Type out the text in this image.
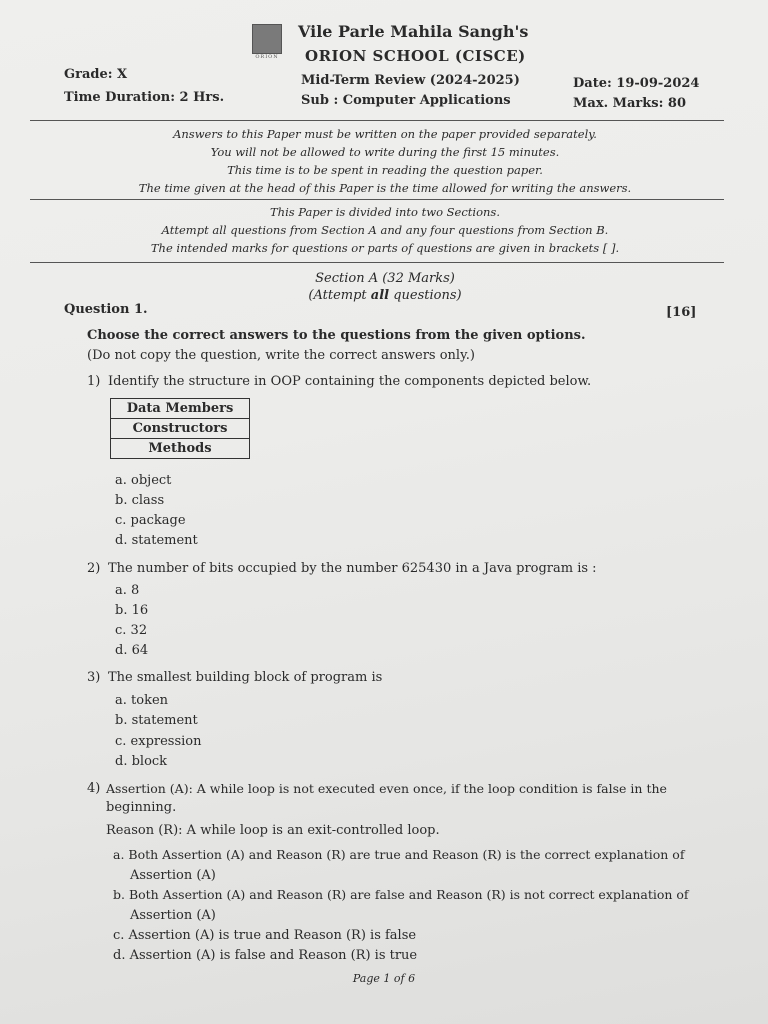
ORION
Vile Parle Mahila Sangh's
ORION SCHOOL (CISCE)
Grade: X
Time Duration: 2 Hrs.
Mid-Term Review (2024-2025)
Sub : Computer Applications
Date: 19-09-2024
Max. Marks: 80
Answers to this Paper must be written on the paper provided separately.
You will not be allowed to write during the first 15 minutes.
This time is to be spent in reading the question paper.
The time given at the head of this Paper is the time allowed for writing the answers.
This Paper is divided into two Sections.
Attempt all questions from Section A and any four questions from Section B.
The intended marks for questions or parts of questions are given in brackets [ ].
Section A (32 Marks)
(Attempt all questions)
Question 1.	[16]
Choose the correct answers to the questions from the given options.
(Do not copy the question, write the correct answers only.)
1) Identify the structure in OOP containing the components depicted below.
Data Members
Constructors
Methods
a. object
b. class
c. package
d. statement
2) The number of bits occupied by the number 625430 in a Java program is :
a. 8
b. 16
c. 32
d. 64
3) The smallest building block of program is
a. token
b. statement
c. expression
d. block
4) Assertion (A): A while loop is not executed even once, if the loop condition is false in the
beginning.
Reason (R): A while loop is an exit-controlled loop.
a. Both Assertion (A) and Reason (R) are true and Reason (R) is the correct explanation of
Assertion (A)
b. Both Assertion (A) and Reason (R) are false and Reason (R) is not correct explanation of
Assertion (A)
c. Assertion (A) is true and Reason (R) is false
d. Assertion (A) is false and Reason (R) is true
Page 1 of 6
